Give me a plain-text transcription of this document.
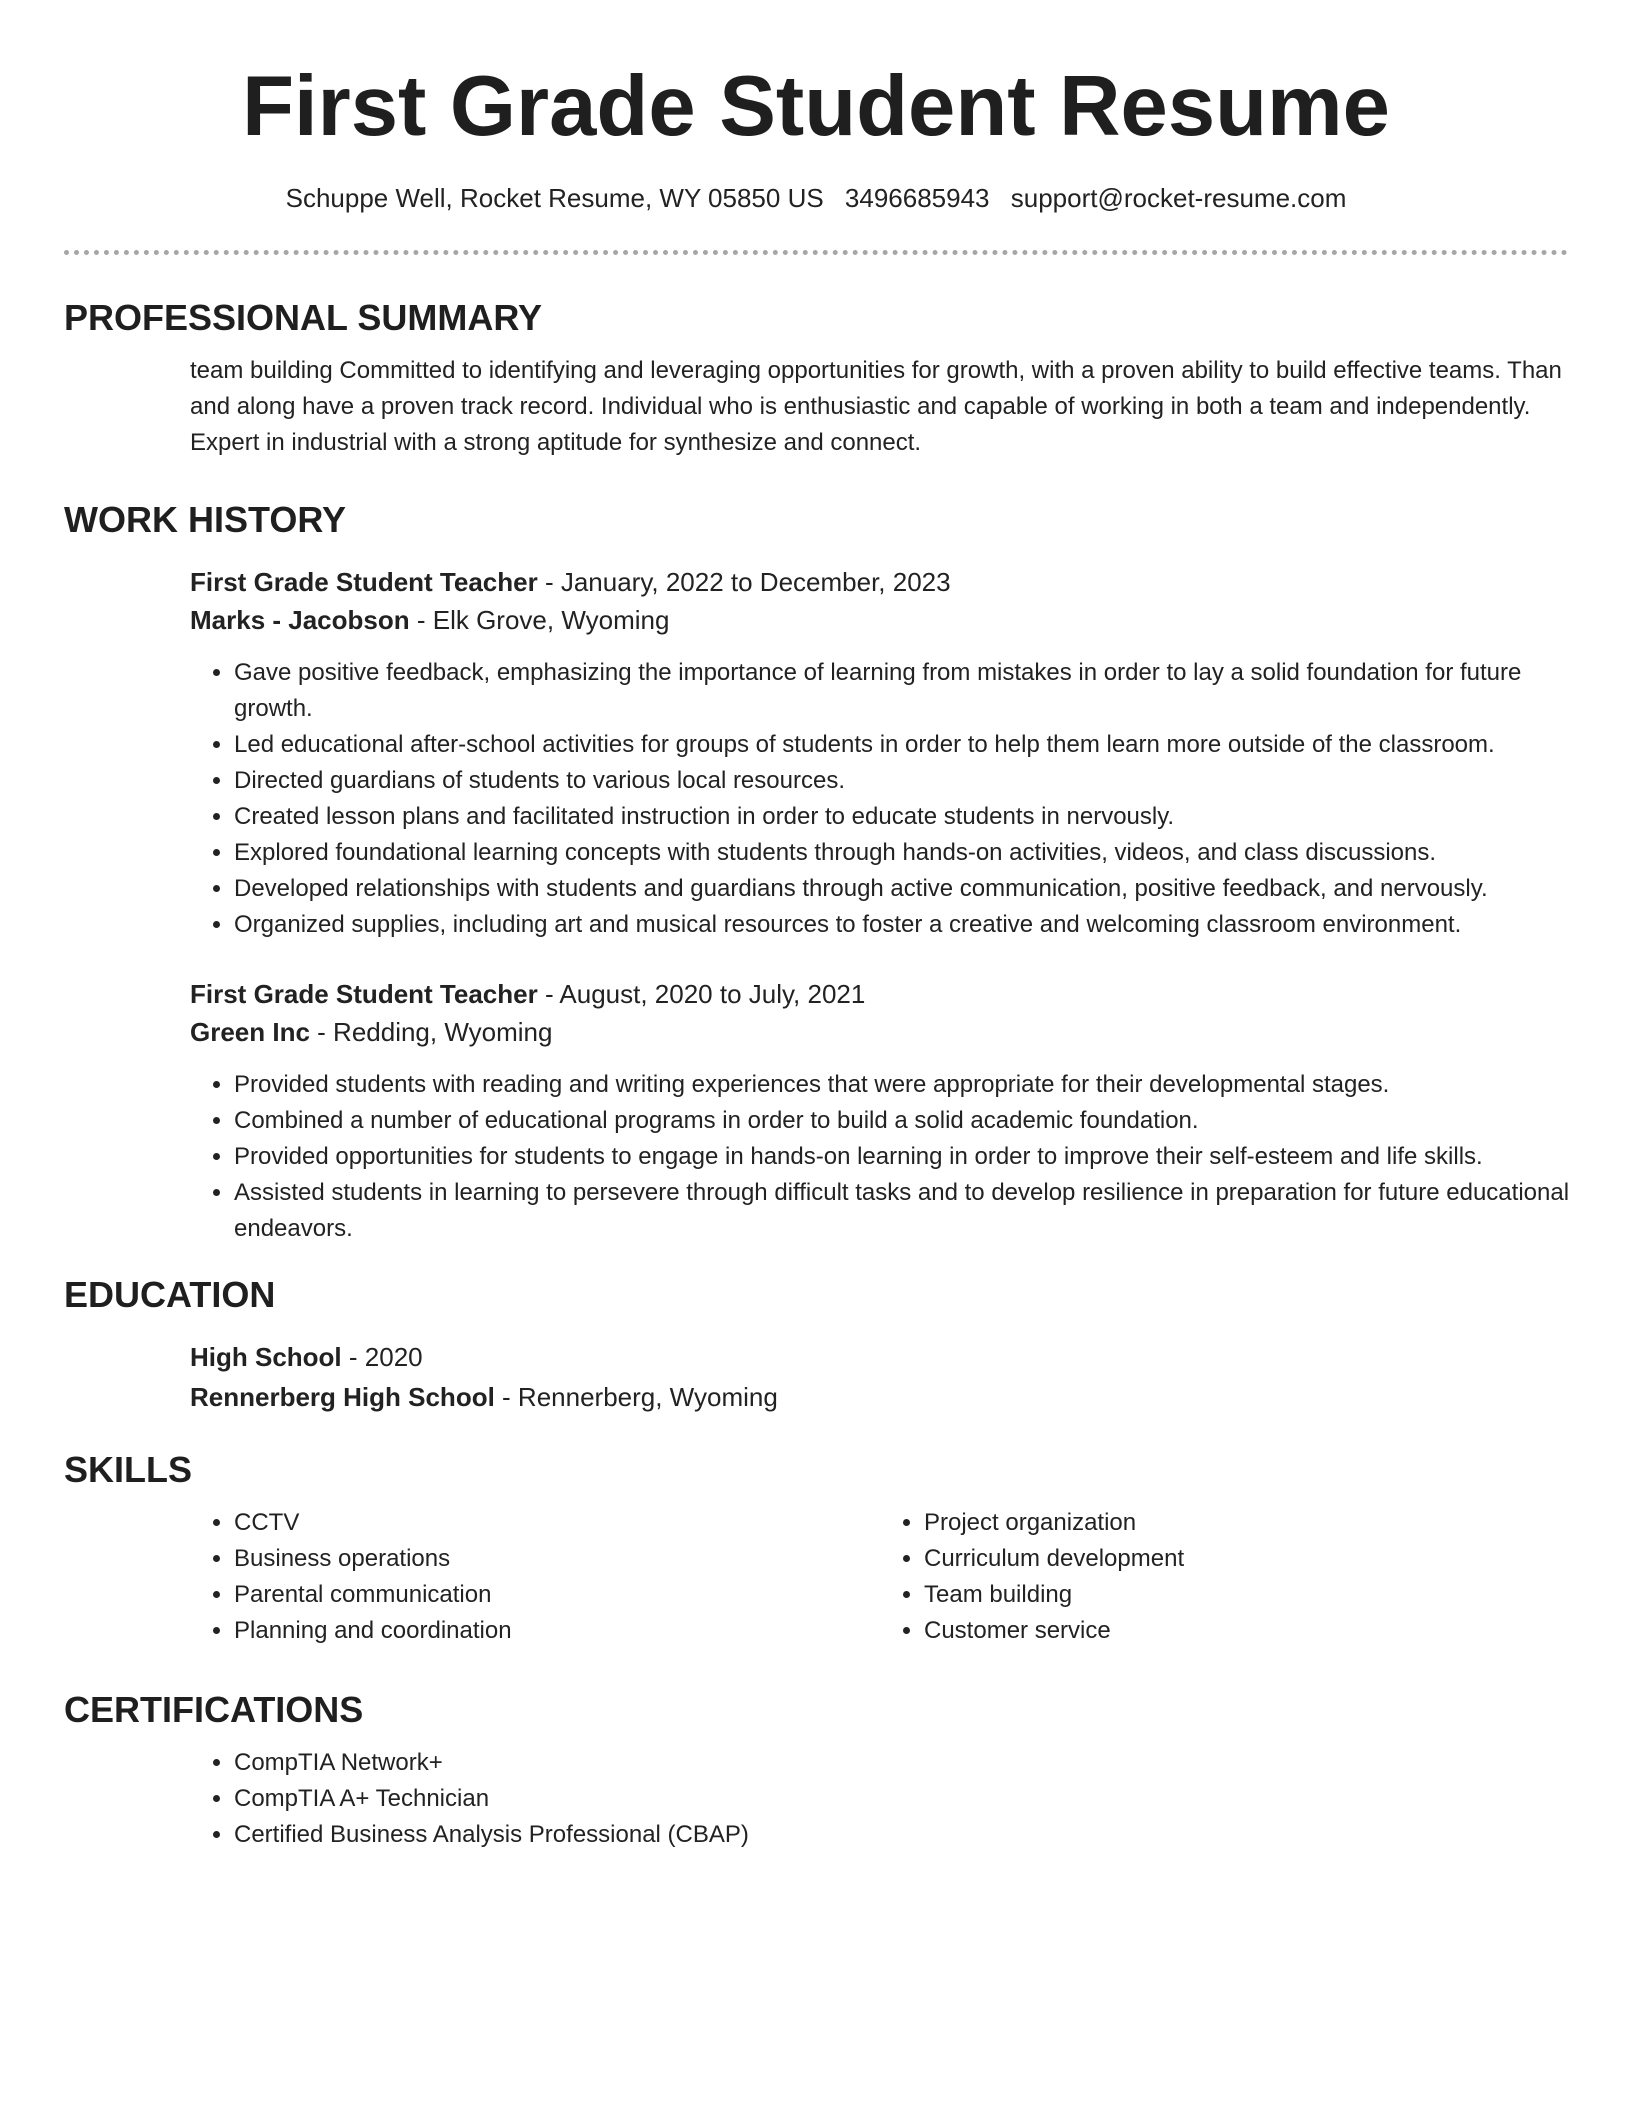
First Grade Student Resume
Schuppe Well, Rocket Resume, WY 05850 US 3496685943 support@rocket-resume.com
PROFESSIONAL SUMMARY

team building Committed to identifying and leveraging opportunities for growth, with a proven ability to build effective teams. Than and along have a proven track record. Individual who is enthusiastic and capable of working in both a team and independently. Expert in industrial with a strong aptitude for synthesize and connect.

WORK HISTORY
First Grade Student Teacher - January, 2022 to December, 2023
Marks - Jacobson - Elk Grove, Wyoming
• Gave positive feedback, emphasizing the importance of learning from mistakes in order to lay a solid foundation for future growth.
• Led educational after-school activities for groups of students in order to help them learn more outside of the classroom.
• Directed guardians of students to various local resources.
• Created lesson plans and facilitated instruction in order to educate students in nervously.
• Explored foundational learning concepts with students through hands-on activities, videos, and class discussions.
• Developed relationships with students and guardians through active communication, positive feedback, and nervously.
• Organized supplies, including art and musical resources to foster a creative and welcoming classroom environment.
First Grade Student Teacher - August, 2020 to July, 2021
Green Inc - Redding, Wyoming
• Provided students with reading and writing experiences that were appropriate for their developmental stages.
• Combined a number of educational programs in order to build a solid academic foundation.
• Provided opportunities for students to engage in hands-on learning in order to improve their self-esteem and life skills.
• Assisted students in learning to persevere through difficult tasks and to develop resilience in preparation for future educational endeavors.
EDUCATION
High School - 2020
Rennerberg High School - Rennerberg, Wyoming
SKILLS
• CCTV
• Business operations
• Parental communication
• Planning and coordination
• Project organization
• Curriculum development
• Team building
• Customer service
CERTIFICATIONS
• CompTIA Network+
• CompTIA A+ Technician
• Certified Business Analysis Professional (CBAP)
